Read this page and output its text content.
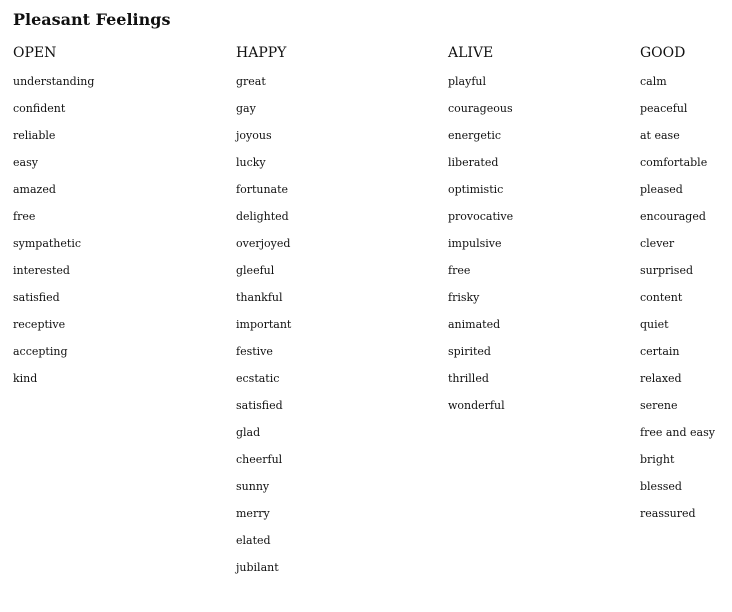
Pleasant Feelings
OPEN
understanding
confident
reliable
easy
amazed
free
sympathetic
interested
satisfied
receptive
accepting
kind
HAPPY
great
gay
joyous
lucky
fortunate
delighted
overjoyed
gleeful
thankful
important
festive
ecstatic
satisfied
glad
cheerful
sunny
merry
elated
jubilant
ALIVE
playful
courageous
energetic
liberated
optimistic
provocative
impulsive
free
frisky
animated
spirited
thrilled
wonderful
GOOD
calm
peaceful
at ease
comfortable
pleased
encouraged
clever
surprised
content
quiet
certain
relaxed
serene
free and easy
bright
blessed
reassured
